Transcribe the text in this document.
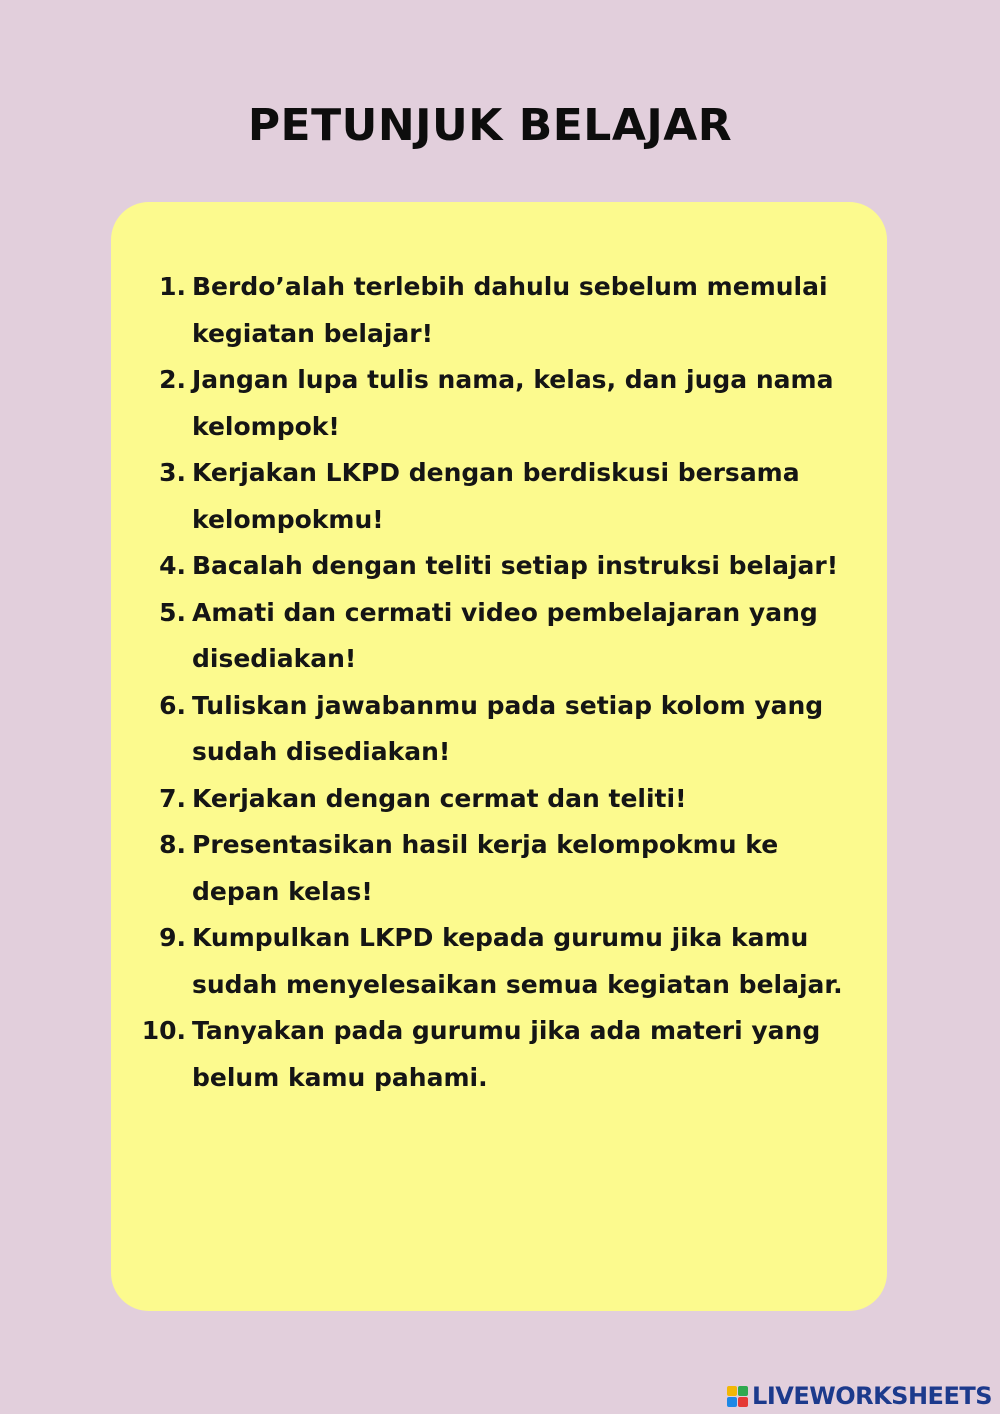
PETUNJUK BELAJAR
1. Berdo’alah terlebih dahulu sebelum memulai kegiatan belajar!
2. Jangan lupa tulis nama, kelas, dan juga nama kelompok!
3. Kerjakan LKPD dengan berdiskusi bersama kelompokmu!
4. Bacalah dengan teliti setiap instruksi belajar!
5. Amati dan cermati video pembelajaran yang disediakan!
6. Tuliskan jawabanmu pada setiap kolom yang sudah disediakan!
7. Kerjakan dengan cermat dan teliti!
8. Presentasikan hasil kerja kelompokmu ke depan kelas!
9. Kumpulkan LKPD kepada gurumu jika kamu sudah menyelesaikan semua kegiatan belajar.
10. Tanyakan pada gurumu jika ada materi yang belum kamu pahami.
LIVEWORKSHEETS
